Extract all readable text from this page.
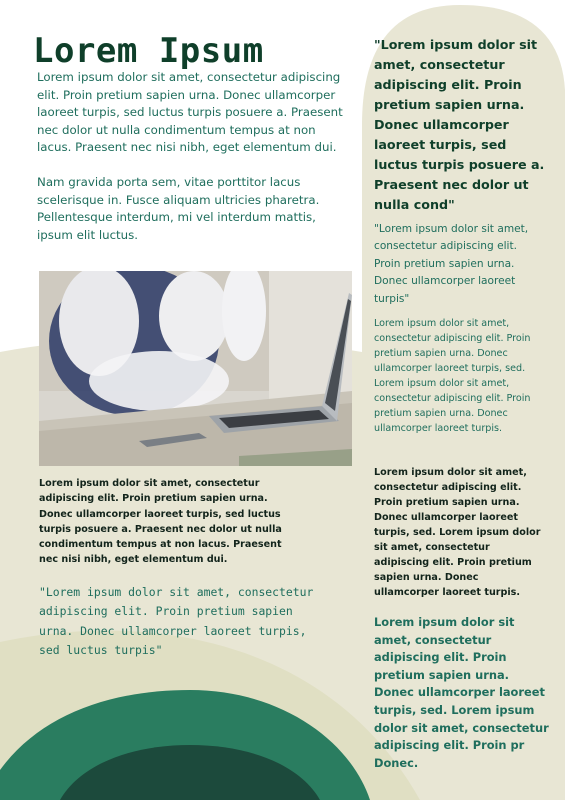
Lorem Ipsum

Lorem ipsum dolor sit amet, consectetur adipiscing elit. Proin pretium sapien urna. Donec ullamcorper laoreet turpis, sed luctus turpis posuere a. Praesent nec dolor ut nulla condimentum tempus at non lacus. Praesent nec nisi nibh, eget elementum dui.

Nam gravida porta sem, vitae porttitor lacus scelerisque in. Fusce aliquam ultricies pharetra. Pellentesque interdum, mi vel interdum mattis, ipsum elit luctus.

Lorem ipsum dolor sit amet, consectetur adipiscing elit. Proin pretium sapien urna. Donec ullamcorper laoreet turpis, sed luctus turpis posuere a. Praesent nec dolor ut nulla condimentum tempus at non lacus. Praesent nec nisi nibh, eget elementum dui.

"Lorem ipsum dolor sit amet, consectetur adipiscing elit. Proin pretium sapien urna. Donec ullamcorper laoreet turpis, sed luctus turpis"

"Lorem ipsum dolor sit amet, consectetur adipiscing elit. Proin pretium sapien urna. Donec ullamcorper laoreet turpis, sed luctus turpis posuere a. Praesent nec dolor ut nulla cond"

"Lorem ipsum dolor sit amet, consectetur adipiscing elit. Proin pretium sapien urna. Donec ullamcorper laoreet turpis"

Lorem ipsum dolor sit amet, consectetur adipiscing elit. Proin pretium sapien urna. Donec ullamcorper laoreet turpis, sed. Lorem ipsum dolor sit amet, consectetur adipiscing elit. Proin pretium sapien urna. Donec ullamcorper laoreet turpis.

Lorem ipsum dolor sit amet, consectetur adipiscing elit. Proin pretium sapien urna. Donec ullamcorper laoreet turpis, sed. Lorem ipsum dolor sit amet, consectetur adipiscing elit. Proin pretium sapien urna. Donec ullamcorper laoreet turpis.

Lorem ipsum dolor sit amet, consectetur adipiscing elit. Proin pretium sapien urna. Donec ullamcorper laoreet turpis, sed. Lorem ipsum dolor sit amet, consectetur adipiscing elit. Proin pr Donec.
